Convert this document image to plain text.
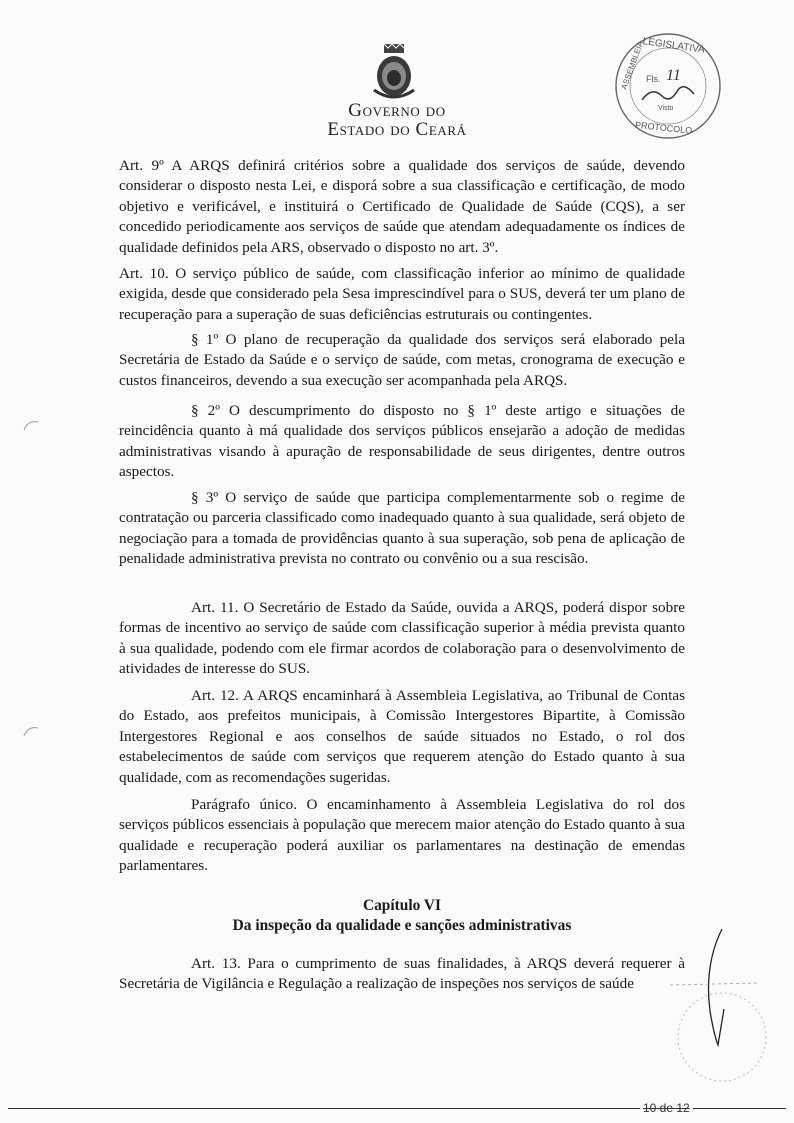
Governo do
Estado do Ceará
LEGISLATIVA
PROTOCOLO
ASSEMBLEIA Fls. 11
Visto

Art. 9º A ARQS definirá critérios sobre a qualidade dos serviços de saúde, devendo considerar o disposto nesta Lei, e disporá sobre a sua classificação e certificação, de modo objetivo e verificável, e instituirá o Certificado de Qualidade de Saúde (CQS), a ser concedido periodicamente aos serviços de saúde que atendam adequadamente os índices de qualidade definidos pela ARS, observado o disposto no art. 3º.

Art. 10. O serviço público de saúde, com classificação inferior ao mínimo de qualidade exigida, desde que considerado pela Sesa imprescindível para o SUS, deverá ter um plano de recuperação para a superação de suas deficiências estruturais ou contingentes.

§ 1º O plano de recuperação da qualidade dos serviços será elaborado pela Secretária de Estado da Saúde e o serviço de saúde, com metas, cronograma de execução e custos financeiros, devendo a sua execução ser acompanhada pela ARQS.

§ 2º O descumprimento do disposto no § 1º deste artigo e situações de reincidência quanto à má qualidade dos serviços públicos ensejarão a adoção de medidas administrativas visando à apuração de responsabilidade de seus dirigentes, dentre outros aspectos.

§ 3º O serviço de saúde que participa complementarmente sob o regime de contratação ou parceria classificado como inadequado quanto à sua qualidade, será objeto de negociação para a tomada de providências quanto à sua superação, sob pena de aplicação de penalidade administrativa prevista no contrato ou convênio ou a sua rescisão.

Art. 11. O Secretário de Estado da Saúde, ouvida a ARQS, poderá dispor sobre formas de incentivo ao serviço de saúde com classificação superior à média prevista quanto à sua qualidade, podendo com ele firmar acordos de colaboração para o desenvolvimento de atividades de interesse do SUS.

Art. 12. A ARQS encaminhará à Assembleia Legislativa, ao Tribunal de Contas do Estado, aos prefeitos municipais, à Comissão Intergestores Bipartite, à Comissão Intergestores Regional e aos conselhos de saúde situados no Estado, o rol dos estabelecimentos de saúde com serviços que requerem atenção do Estado quanto à sua qualidade, com as recomendações sugeridas.

Parágrafo único. O encaminhamento à Assembleia Legislativa do rol dos serviços públicos essenciais à população que merecem maior atenção do Estado quanto à sua qualidade e recuperação poderá auxiliar os parlamentares na destinação de emendas parlamentares.

Capítulo VI
Da inspeção da qualidade e sanções administrativas

Art. 13. Para o cumprimento de suas finalidades, à ARQS deverá requerer à Secretária de Vigilância e Regulação a realização de inspeções nos serviços de saúde

10 de 12
